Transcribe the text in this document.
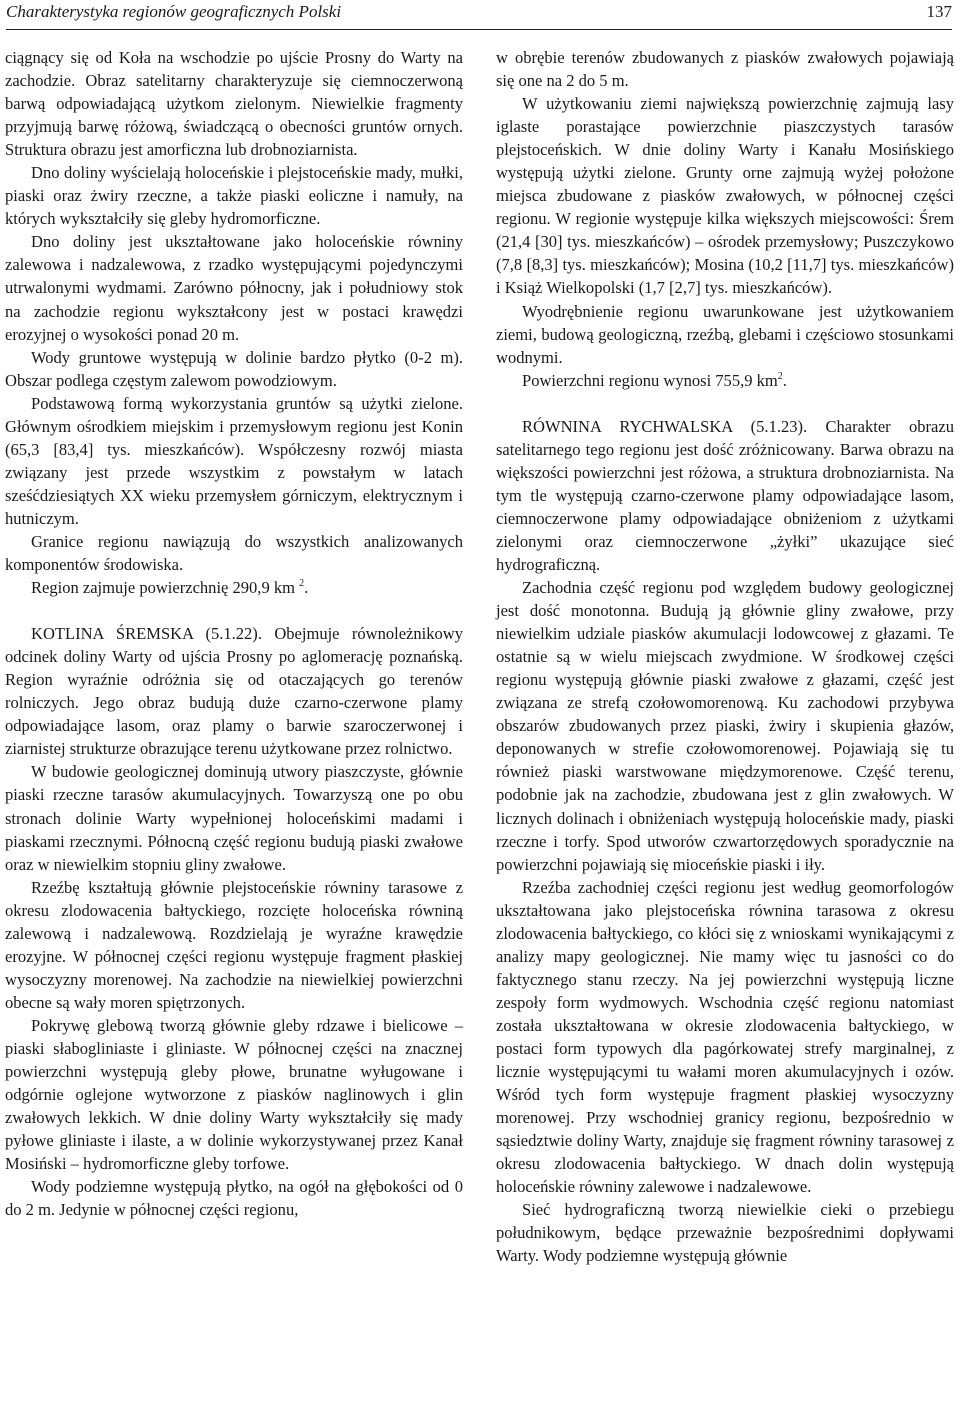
Charakterystyka regionów geograficznych Polski	137

ciągnący się od Koła na wschodzie po ujście Prosny do Warty na zachodzie. Obraz satelitarny charakteryzuje się ciemnoczerwoną barwą odpowiadającą użytkom zielonym. Niewielkie fragmenty przyjmują barwę różową, świadczącą o obecności gruntów ornych. Struktura obrazu jest amorficzna lub drobnoziarnista.

Dno doliny wyścielają holoceńskie i plejstoceńskie mady, mułki, piaski oraz żwiry rzeczne, a także piaski eoliczne i namuły, na których wykształciły się gleby hydromorficzne.

Dno doliny jest ukształtowane jako holoceńskie równiny zalewowa i nadzalewowa, z rzadko występującymi pojedynczymi utrwalonymi wydmami. Zarówno północny, jak i południowy stok na zachodzie regionu wykształcony jest w postaci krawędzi erozyjnej o wysokości ponad 20 m.

Wody gruntowe występują w dolinie bardzo płytko (0-2 m). Obszar podlega częstym zalewom powodziowym.

Podstawową formą wykorzystania gruntów są użytki zielone. Głównym ośrodkiem miejskim i przemysłowym regionu jest Konin (65,3 [83,4] tys. mieszkańców). Współczesny rozwój miasta związany jest przede wszystkim z powstałym w latach sześćdziesiątych XX wieku przemysłem górniczym, elektrycznym i hutniczym.

Granice regionu nawiązują do wszystkich analizowanych komponentów środowiska.

Region zajmuje powierzchnię 290,9 km $^2$.

KOTLINA ŚREMSKA (5.1.22). Obejmuje równoleżnikowy odcinek doliny Warty od ujścia Prosny po aglomerację poznańską. Region wyraźnie odróżnia się od otaczających go terenów rolniczych. Jego obraz budują duże czarno-czerwone plamy odpowiadające lasom, oraz plamy o barwie szaroczerwonej i ziarnistej strukturze obrazujące terenu użytkowane przez rolnictwo.

W budowie geologicznej dominują utwory piaszczyste, głównie piaski rzeczne tarasów akumulacyjnych. Towarzyszą one po obu stronach dolinie Warty wypełnionej holoceńskimi madami i piaskami rzecznymi. Północną część regionu budują piaski zwałowe oraz w niewielkim stopniu gliny zwałowe.

Rzeźbę kształtują głównie plejstoceńskie równiny tarasowe z okresu zlodowacenia bałtyckiego, rozcięte holoceńska równiną zalewową i nadzalewową. Rozdzielają je wyraźne krawędzie erozyjne. W północnej części regionu występuje fragment płaskiej wysoczyzny morenowej. Na zachodzie na niewielkiej powierzchni obecne są wały moren spiętrzonych.

Pokrywę glebową tworzą głównie gleby rdzawe i bielicowe – piaski słabogliniaste i gliniaste. W północnej części na znacznej powierzchni występują gleby płowe, brunatne wyługowane i odgórnie oglejone wytworzone z piasków naglinowych i glin zwałowych lekkich. W dnie doliny Warty wykształciły się mady pyłowe gliniaste i ilaste, a w dolinie wykorzystywanej przez Kanał Mosiński – hydromorficzne gleby torfowe.

Wody podziemne występują płytko, na ogół na głębokości od 0 do 2 m. Jedynie w północnej części regionu,

w obrębie terenów zbudowanych z piasków zwałowych pojawiają się one na 2 do 5 m.

W użytkowaniu ziemi największą powierzchnię zajmują lasy iglaste porastające powierzchnie piaszczystych tarasów plejstoceńskich. W dnie doliny Warty i Kanału Mosińskiego występują użytki zielone. Grunty orne zajmują wyżej położone miejsca zbudowane z piasków zwałowych, w północnej części regionu. W regionie występuje kilka większych miejscowości: Śrem (21,4 [30] tys. mieszkańców) – ośrodek przemysłowy; Puszczykowo (7,8 [8,3] tys. mieszkańców); Mosina (10,2 [11,7] tys. mieszkańców) i Książ Wielkopolski (1,7 [2,7] tys. mieszkańców).

Wyodrębnienie regionu uwarunkowane jest użytkowaniem ziemi, budową geologiczną, rzeźbą, glebami i częściowo stosunkami wodnymi.

Powierzchni regionu wynosi 755,9 $km^2$.

RÓWNINA RYCHWALSKA (5.1.23). Charakter obrazu satelitarnego tego regionu jest dość zróżnicowany. Barwa obrazu na większości powierzchni jest różowa, a struktura drobnoziarnista. Na tym tle występują czarno-czerwone plamy odpowiadające lasom, ciemnoczerwone plamy odpowiadające obniżeniom z użytkami zielonymi oraz ciemnoczerwone „żyłki” ukazujące sieć hydrograficzną.

Zachodnia część regionu pod względem budowy geologicznej jest dość monotonna. Budują ją głównie gliny zwałowe, przy niewielkim udziale piasków akumulacji lodowcowej z głazami. Te ostatnie są w wielu miejscach zwydmione. W środkowej części regionu występują głównie piaski zwałowe z głazami, część jest związana ze strefą czołowomorenową. Ku zachodowi przybywa obszarów zbudowanych przez piaski, żwiry i skupienia głazów, deponowanych w strefie czołowomorenowej. Pojawiają się tu również piaski warstwowane międzymorenowe. Część terenu, podobnie jak na zachodzie, zbudowana jest z glin zwałowych. W licznych dolinach i obniżeniach występują holoceńskie mady, piaski rzeczne i torfy. Spod utworów czwartorzędowych sporadycznie na powierzchni pojawiają się mioceńskie piaski i iły.

Rzeźba zachodniej części regionu jest według geomorfologów ukształtowana jako plejstoceńska równina tarasowa z okresu zlodowacenia bałtyckiego, co kłóci się z wnioskami wynikającymi z analizy mapy geologicznej. Nie mamy więc tu jasności co do faktycznego stanu rzeczy. Na jej powierzchni występują liczne zespoły form wydmowych. Wschodnia część regionu natomiast została ukształtowana w okresie zlodowacenia bałtyckiego, w postaci form typowych dla pagórkowatej strefy marginalnej, z licznie występującymi tu wałami moren akumulacyjnych i ozów. Wśród tych form występuje fragment płaskiej wysoczyzny morenowej. Przy wschodniej granicy regionu, bezpośrednio w sąsiedztwie doliny Warty, znajduje się fragment równiny tarasowej z okresu zlodowacenia bałtyckiego. W dnach dolin występują holoceńskie równiny zalewowe i nadzalewowe.

Sieć hydrograficzną tworzą niewielkie cieki o przebiegu południkowym, będące przeważnie bezpośrednimi dopływami Warty. Wody podziemne występują głównie
